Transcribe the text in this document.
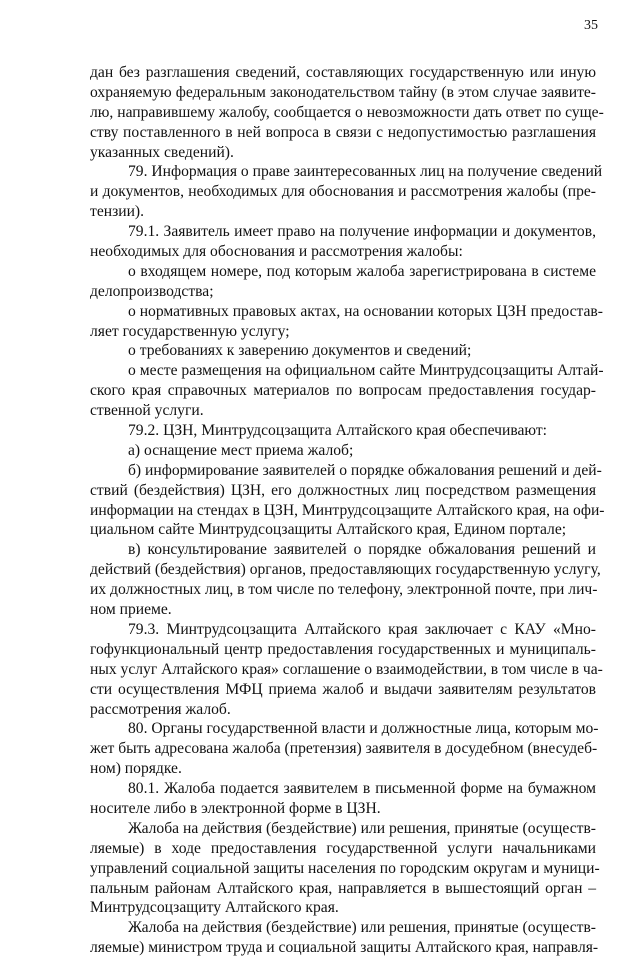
35
дан без разглашения сведений, составляющих государственную или иную
охраняемую федеральным законодательством тайну (в этом случае заявите-
лю, направившему жалобу, сообщается о невозможности дать ответ по суще-
ству поставленного в ней вопроса в связи с недопустимостью разглашения
указанных сведений).
79. Информация о праве заинтересованных лиц на получение сведений
и документов, необходимых для обоснования и рассмотрения жалобы (пре-
тензии).
79.1. Заявитель имеет право на получение информации и документов,
необходимых для обоснования и рассмотрения жалобы:
о входящем номере, под которым жалоба зарегистрирована в системе
делопроизводства;
о нормативных правовых актах, на основании которых ЦЗН предостав-
ляет государственную услугу;
о требованиях к заверению документов и сведений;
о месте размещения на официальном сайте Минтрудсоцзащиты Алтай-
ского края справочных материалов по вопросам предоставления государ-
ственной услуги.
79.2. ЦЗН, Минтрудсоцзащита Алтайского края обеспечивают:
а) оснащение мест приема жалоб;
б) информирование заявителей о порядке обжалования решений и дей-
ствий (бездействия) ЦЗН, его должностных лиц посредством размещения
информации на стендах в ЦЗН, Минтрудсоцзащите Алтайского края, на офи-
циальном сайте Минтрудсоцзащиты Алтайского края, Едином портале;
в) консультирование заявителей о порядке обжалования решений и
действий (бездействия) органов, предоставляющих государственную услугу,
их должностных лиц, в том числе по телефону, электронной почте, при лич-
ном приеме.
79.3. Минтрудсоцзащита Алтайского края заключает с КАУ «Мно-
гофункциональный центр предоставления государственных и муниципаль-
ных услуг Алтайского края» соглашение о взаимодействии, в том числе в ча-
сти осуществления МФЦ приема жалоб и выдачи заявителям результатов
рассмотрения жалоб.
80. Органы государственной власти и должностные лица, которым мо-
жет быть адресована жалоба (претензия) заявителя в досудебном (внесудеб-
ном) порядке.
80.1. Жалоба подается заявителем в письменной форме на бумажном
носителе либо в электронной форме в ЦЗН.
Жалоба на действия (бездействие) или решения, принятые (осуществ-
ляемые) в ходе предоставления государственной услуги начальниками
управлений социальной защиты населения по городским округам и муници-
пальным районам Алтайского края, направляется в вышестоящий орган –
Минтрудсоцзащиту Алтайского края.
Жалоба на действия (бездействие) или решения, принятые (осуществ-
ляемые) министром труда и социальной защиты Алтайского края, направля-
